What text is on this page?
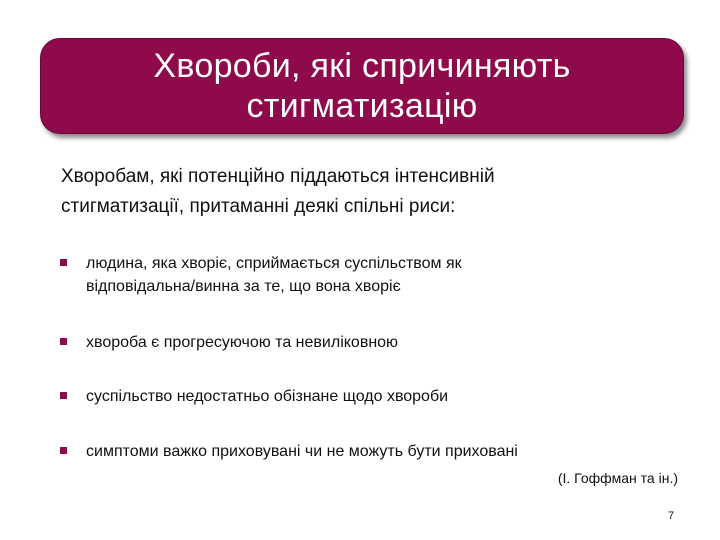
Хвороби, які спричиняють стигматизацію

Хворобам, які потенційно піддаються інтенсивній стигматизації, притаманні деякі спільні риси:

людина, яка хворіє, сприймається суспільством як відповідальна/винна за те, що вона хворіє
хвороба є прогресуючою та невиліковною
суспільство недостатньо обізнане щодо хвороби
симптоми важко приховувані чи не можуть бути приховані

(І. Гоффман та ін.)

7
